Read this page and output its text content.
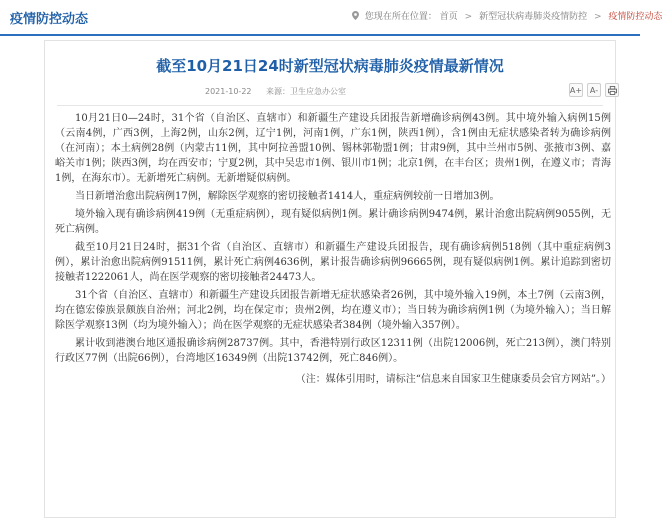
疫情防控动态	您现在所在位置： 首页 > 新型冠状病毒肺炎疫情防控 > 疫情防控动态
截至10月21日24时新型冠状病毒肺炎疫情最新情况
2021-10-22 来源：卫生应急办公室	A+ A-

10月21日0—24时，31个省（自治区、直辖市）和新疆生产建设兵团报告新增确诊病例43例。其中境外输入病例15例（云南4例，广西3例，上海2例，山东2例，辽宁1例，河南1例，广东1例，陕西1例），含1例由无症状感染者转为确诊病例（在河南）；本土病例28例（内蒙古11例，其中阿拉善盟10例、锡林郭勒盟1例；甘肃9例，其中兰州市5例、张掖市3例、嘉峪关市1例；陕西3例，均在西安市；宁夏2例，其中吴忠市1例、银川市1例；北京1例，在丰台区；贵州1例，在遵义市；青海1例，在海东市）。无新增死亡病例。无新增疑似病例。

当日新增治愈出院病例17例，解除医学观察的密切接触者1414人，重症病例较前一日增加3例。

境外输入现有确诊病例419例（无重症病例），现有疑似病例1例。累计确诊病例9474例，累计治愈出院病例9055例，无死亡病例。

截至10月21日24时，据31个省（自治区、直辖市）和新疆生产建设兵团报告，现有确诊病例518例（其中重症病例3例），累计治愈出院病例91511例，累计死亡病例4636例，累计报告确诊病例96665例，现有疑似病例1例。累计追踪到密切接触者1222061人，尚在医学观察的密切接触者24473人。

31个省（自治区、直辖市）和新疆生产建设兵团报告新增无症状感染者26例，其中境外输入19例，本土7例（云南3例，均在德宏傣族景颇族自治州；河北2例，均在保定市；贵州2例，均在遵义市）；当日转为确诊病例1例（为境外输入）；当日解除医学观察13例（均为境外输入）；尚在医学观察的无症状感染者384例（境外输入357例）。

累计收到港澳台地区通报确诊病例28737例。其中，香港特别行政区12311例（出院12006例，死亡213例），澳门特别行政区77例（出院66例），台湾地区16349例（出院13742例，死亡846例）。

（注：媒体引用时，请标注“信息来自国家卫生健康委员会官方网站”。）
